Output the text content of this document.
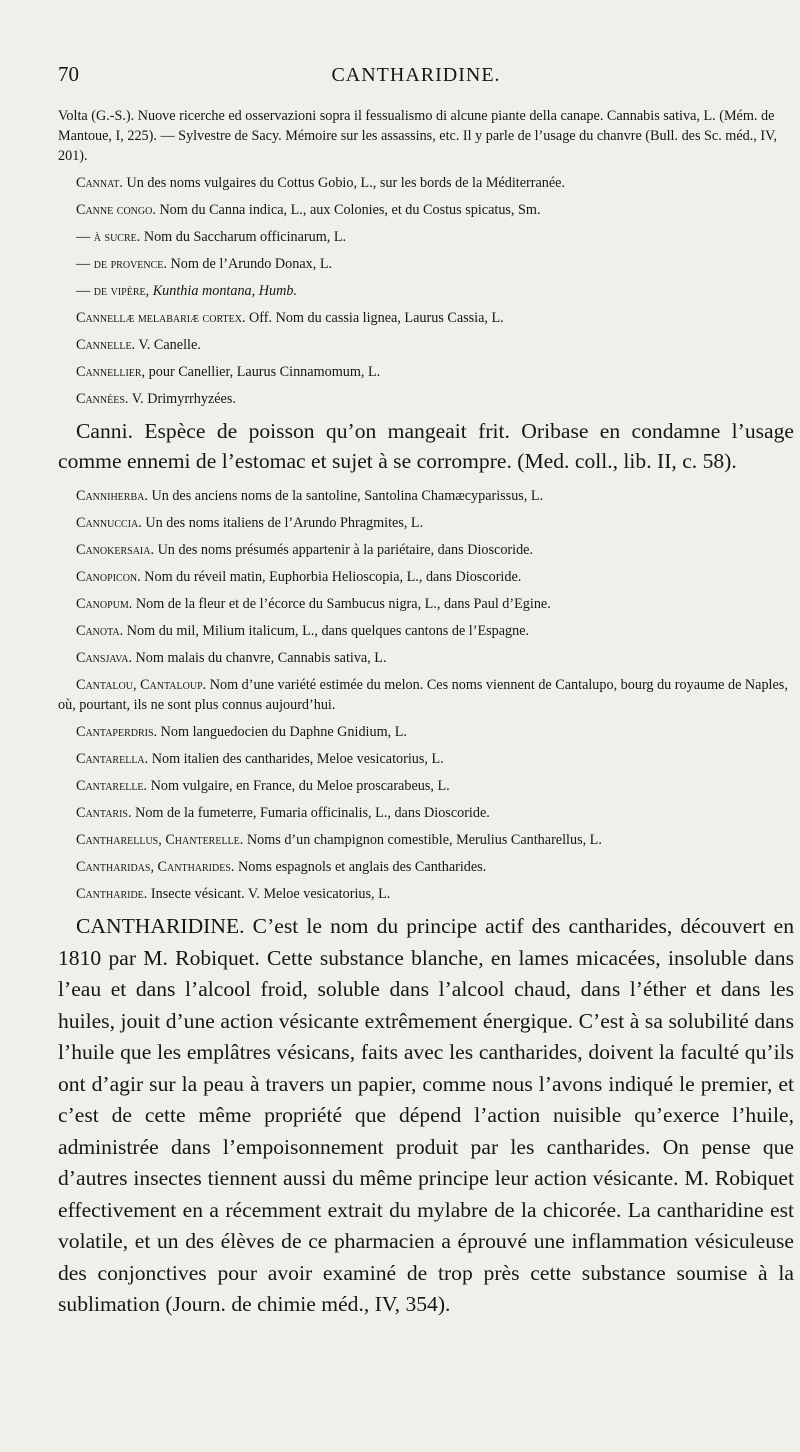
70	CANTHARIDINE.

Volta (G.-S.). Nuove ricerche ed osservazioni sopra il fessualismo di alcune piante della canape. Cannabis sativa, L. (Mém. de Mantoue, I, 225). — Sylvestre de Sacy. Mémoire sur les assassins, etc. Il y parle de l’usage du chanvre (Bull. des Sc. méd., IV, 201).

Cannat. Un des noms vulgaires du Cottus Gobio, L., sur les bords de la Méditerranée.

Canne congo. Nom du Canna indica, L., aux Colonies, et du Costus spicatus, Sm.

— à sucre. Nom du Saccharum officinarum, L.

— de provence. Nom de l’Arundo Donax, L.

— de vipère, Kunthia montana, Humb.

Cannellæ melabariæ cortex. Off. Nom du cassia lignea, Laurus Cassia, L.

Cannelle. V. Canelle.

Cannellier, pour Canellier, Laurus Cinnamomum, L.

Cannées. V. Drimyrrhyzées.

Canni. Espèce de poisson qu’on mangeait frit. Oribase en condamne l’usage comme ennemi de l’estomac et sujet à se corrompre. (Med. coll., lib. II, c. 58).

Canniherba. Un des anciens noms de la santoline, Santolina Chamæcyparissus, L.

Cannuccia. Un des noms italiens de l’Arundo Phragmites, L.

Canokersaia. Un des noms présumés appartenir à la pariétaire, dans Dioscoride.

Canopicon. Nom du réveil matin, Euphorbia Helioscopia, L., dans Dioscoride.

Canopum. Nom de la fleur et de l’écorce du Sambucus nigra, L., dans Paul d’Egine.

Canota. Nom du mil, Milium italicum, L., dans quelques cantons de l’Espagne.

Cansjava. Nom malais du chanvre, Cannabis sativa, L.

Cantalou, Cantaloup. Nom d’une variété estimée du melon. Ces noms viennent de Cantalupo, bourg du royaume de Naples, où, pourtant, ils ne sont plus connus aujourd’hui.

Cantaperdris. Nom languedocien du Daphne Gnidium, L.

Cantarella. Nom italien des cantharides, Meloe vesicatorius, L.

Cantarelle. Nom vulgaire, en France, du Meloe proscarabeus, L.

Cantaris. Nom de la fumeterre, Fumaria officinalis, L., dans Dioscoride.

Cantharellus, Chanterelle. Noms d’un champignon comestible, Merulius Cantharellus, L.

Cantharidas, Cantharides. Noms espagnols et anglais des Cantharides.

Cantharide. Insecte vésicant. V. Meloe vesicatorius, L.

CANTHARIDINE. C’est le nom du principe actif des cantharides, découvert en 1810 par M. Robiquet. Cette substance blanche, en lames micacées, insoluble dans l’eau et dans l’alcool froid, soluble dans l’alcool chaud, dans l’éther et dans les huiles, jouit d’une action vésicante extrêmement énergique. C’est à sa solubilité dans l’huile que les emplâtres vésicans, faits avec les cantharides, doivent la faculté qu’ils ont d’agir sur la peau à travers un papier, comme nous l’avons indiqué le premier, et c’est de cette même propriété que dépend l’action nuisible qu’exerce l’huile, administrée dans l’empoisonnement produit par les cantharides. On pense que d’autres insectes tiennent aussi du même principe leur action vésicante. M. Robiquet effectivement en a récemment extrait du mylabre de la chicorée. La cantharidine est volatile, et un des élèves de ce pharmacien a éprouvé une inflammation vésiculeuse des conjonctives pour avoir examiné de trop près cette substance soumise à la sublimation (Journ. de chimie méd., IV, 354).
